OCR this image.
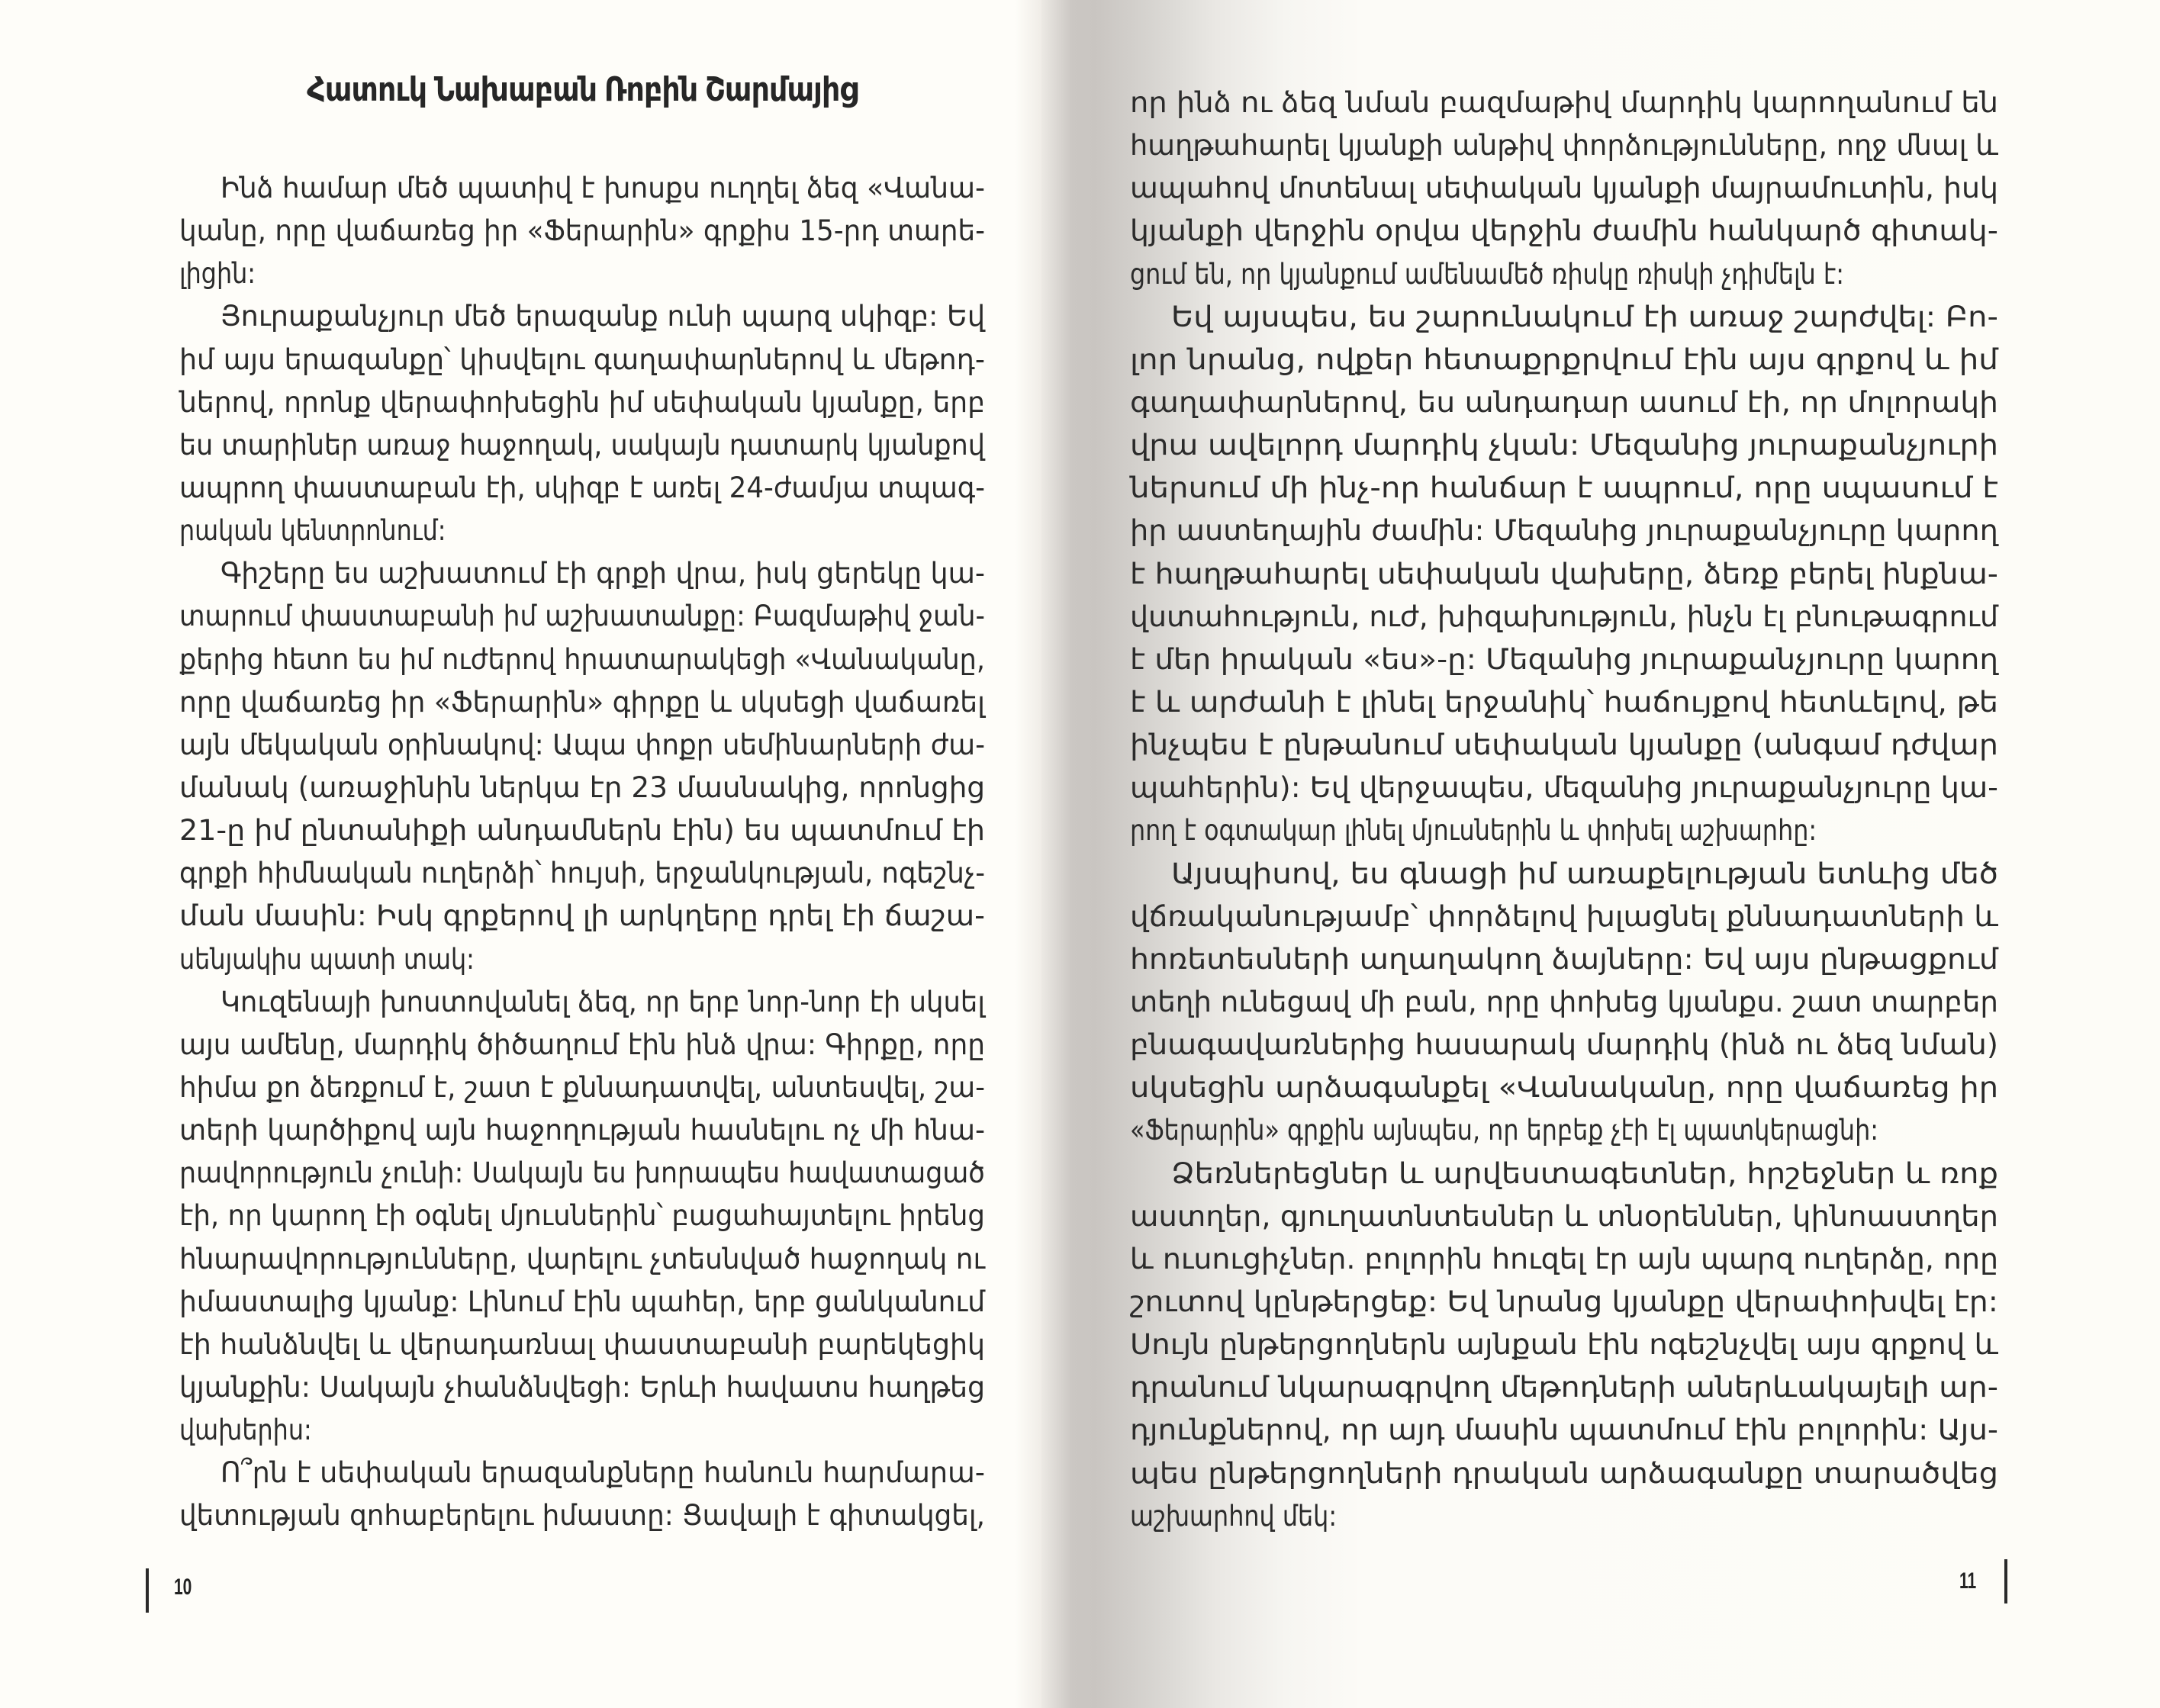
Հատուկ Նախաբան Ռոբին Շարմայից
Ինձ համար մեծ պատիվ է խոսքս ուղղել ձեզ «Վանա-
կանը, որը վաճառեց իր «Ֆերարին» գրքիս 15-րդ տարե-
լիցին:
Յուրաքանչյուր մեծ երազանք ունի պարզ սկիզբ: Եվ
իմ այս երազանքը՝ կիսվելու գաղափարներով և մեթոդ-
ներով, որոնք վերափոխեցին իմ սեփական կյանքը, երբ
ես տարիներ առաջ հաջողակ, սակայն դատարկ կյանքով
ապրող փաստաբան էի, սկիզբ է առել 24-ժամյա տպագ-
րական կենտրոնում:
Գիշերը ես աշխատում էի գրքի վրա, իսկ ցերեկը կա-
տարում փաստաբանի իմ աշխատանքը: Բազմաթիվ ջան-
քերից հետո ես իմ ուժերով հրատարակեցի «Վանականը,
որը վաճառեց իր «Ֆերարին» գիրքը և սկսեցի վաճառել
այն մեկական օրինակով: Ապա փոքր սեմինարների ժա-
մանակ (առաջինին ներկա էր 23 մասնակից, որոնցից
21-ը իմ ընտանիքի անդամներն էին) ես պատմում էի
գրքի հիմնական ուղերձի՝ հույսի, երջանկության, ոգեշնչ-
ման մասին: Իսկ գրքերով լի արկղերը դրել էի ճաշա-
սենյակիս պատի տակ:
Կուզենայի խոստովանել ձեզ, որ երբ նոր-նոր էի սկսել
այս ամենը, մարդիկ ծիծաղում էին ինձ վրա: Գիրքը, որը
հիմա քո ձեռքում է, շատ է քննադատվել, անտեսվել, շա-
տերի կարծիքով այն հաջողության հասնելու ոչ մի հնա-
րավորություն չունի: Սակայն ես խորապես հավատացած
էի, որ կարող էի օգնել մյուսներին՝ բացահայտելու իրենց
հնարավորությունները, վարելու չտեսնված հաջողակ ու
իմաստալից կյանք: Լինում էին պահեր, երբ ցանկանում
էի հանձնվել և վերադառնալ փաստաբանի բարեկեցիկ
կյանքին: Սակայն չհանձնվեցի: Երևի հավատս հաղթեց
վախերիս:
Ո՞րն է սեփական երազանքները հանուն հարմարա-
վետության զոհաբերելու իմաստը: Ցավալի է գիտակցել,
10	11
որ ինձ ու ձեզ նման բազմաթիվ մարդիկ կարողանում են
հաղթահարել կյանքի անթիվ փորձությունները, ողջ մնալ և
ապահով մոտենալ սեփական կյանքի մայրամուտին, իսկ
կյանքի վերջին օրվա վերջին ժամին հանկարծ գիտակ-
ցում են, որ կյանքում ամենամեծ ռիսկը ռիսկի չդիմելն է:
Եվ այսպես, ես շարունակում էի առաջ շարժվել: Բո-
լոր նրանց, ովքեր հետաքրքրվում էին այս գրքով և իմ
գաղափարներով, ես անդադար ասում էի, որ մոլորակի
վրա ավելորդ մարդիկ չկան: Մեզանից յուրաքանչյուրի
ներսում մի ինչ-որ հանճար է ապրում, որը սպասում է
իր աստեղային ժամին: Մեզանից յուրաքանչյուրը կարող
է հաղթահարել սեփական վախերը, ձեռք բերել ինքնա-
վստահություն, ուժ, խիզախություն, ինչն էլ բնութագրում
է մեր իրական «ես»-ը: Մեզանից յուրաքանչյուրը կարող
է և արժանի է լինել երջանիկ՝ հաճույքով հետևելով, թե
ինչպես է ընթանում սեփական կյանքը (անգամ դժվար
պահերին): Եվ վերջապես, մեզանից յուրաքանչյուրը կա-
րող է օգտակար լինել մյուսներին և փոխել աշխարհը:
Այսպիսով, ես գնացի իմ առաքելության ետևից մեծ
վճռականությամբ՝ փորձելով խլացնել քննադատների և
հոռետեսների աղաղակող ձայները: Եվ այս ընթացքում
տեղի ունեցավ մի բան, որը փոխեց կյանքս. շատ տարբեր
բնագավառներից հասարակ մարդիկ (ինձ ու ձեզ նման)
սկսեցին արձագանքել «Վանականը, որը վաճառեց իր
«Ֆերարին» գրքին այնպես, որ երբեք չէի էլ պատկերացնի:
Ձեռներեցներ և արվեստագետներ, հրշեջներ և ռոք
աստղեր, գյուղատնտեսներ և տնօրեններ, կինոաստղեր
և ուսուցիչներ. բոլորին հուզել էր այն պարզ ուղերձը, որը
շուտով կընթերցեք: Եվ նրանց կյանքը վերափոխվել էր:
Սույն ընթերցողներն այնքան էին ոգեշնչվել այս գրքով և
դրանում նկարագրվող մեթոդների աներևակայելի ար-
դյունքներով, որ այդ մասին պատմում էին բոլորին: Այս-
պես ընթերցողների դրական արձագանքը տարածվեց
աշխարհով մեկ:
